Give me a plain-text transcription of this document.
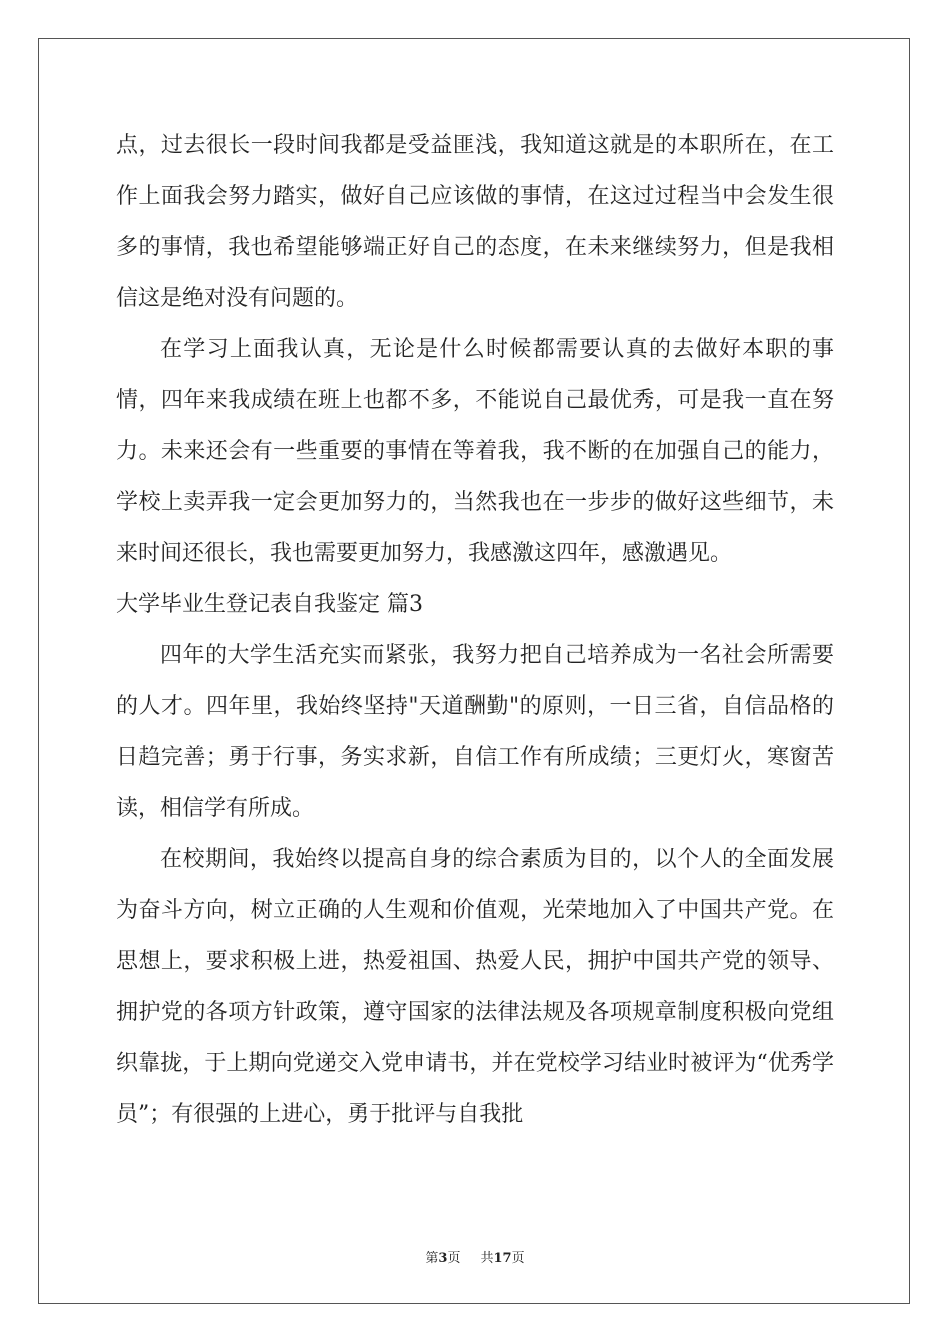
点，过去很长一段时间我都是受益匪浅，我知道这就是的本职所在，在工作上面我会努力踏实，做好自己应该做的事情，在这过过程当中会发生很多的事情，我也希望能够端正好自己的态度，在未来继续努力，但是我相信这是绝对没有问题的。

在学习上面我认真，无论是什么时候都需要认真的去做好本职的事情，四年来我成绩在班上也都不多，不能说自己最优秀，可是我一直在努力。未来还会有一些重要的事情在等着我，我不断的在加强自己的能力，学校上卖弄我一定会更加努力的，当然我也在一步步的做好这些细节，未来时间还很长，我也需要更加努力，我感激这四年，感激遇见。

大学毕业生登记表自我鉴定 篇3

四年的大学生活充实而紧张，我努力把自己培养成为一名社会所需要的人才。四年里，我始终坚持"天道酬勤"的原则，一日三省，自信品格的日趋完善；勇于行事，务实求新，自信工作有所成绩；三更灯火，寒窗苦读，相信学有所成。

在校期间，我始终以提高自身的综合素质为目的，以个人的全面发展为奋斗方向，树立正确的人生观和价值观，光荣地加入了中国共产党。在思想上，要求积极上进，热爱祖国、热爱人民，拥护中国共产党的领导、拥护党的各项方针政策，遵守国家的法律法规及各项规章制度积极向党组织靠拢，于上期向党递交入党申请书，并在党校学习结业时被评为“优秀学员”；有很强的上进心，勇于批评与自我批

第3页 共17页
